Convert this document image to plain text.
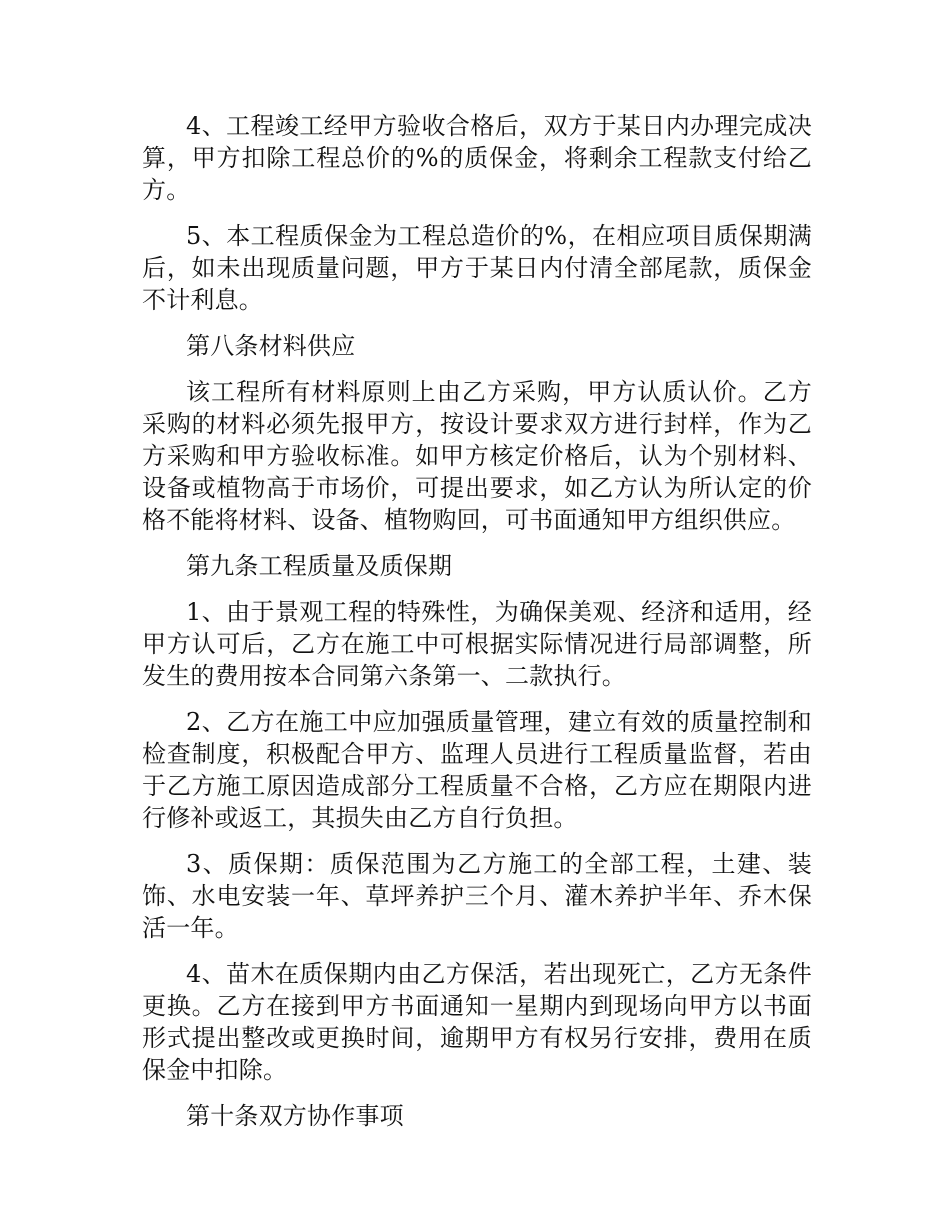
4、工程竣工经甲方验收合格后，双方于某日内办理完成决算，甲方扣除工程总价的%的质保金，将剩余工程款支付给乙方。

5、本工程质保金为工程总造价的%，在相应项目质保期满后，如未出现质量问题，甲方于某日内付清全部尾款，质保金不计利息。

第八条材料供应

该工程所有材料原则上由乙方采购，甲方认质认价。乙方采购的材料必须先报甲方，按设计要求双方进行封样，作为乙方采购和甲方验收标准。如甲方核定价格后，认为个别材料、设备或植物高于市场价，可提出要求，如乙方认为所认定的价格不能将材料、设备、植物购回，可书面通知甲方组织供应。

第九条工程质量及质保期

1、由于景观工程的特殊性，为确保美观、经济和适用，经甲方认可后，乙方在施工中可根据实际情况进行局部调整，所发生的费用按本合同第六条第一、二款执行。

2、乙方在施工中应加强质量管理，建立有效的质量控制和检查制度，积极配合甲方、监理人员进行工程质量监督，若由于乙方施工原因造成部分工程质量不合格，乙方应在期限内进行修补或返工，其损失由乙方自行负担。

3、质保期：质保范围为乙方施工的全部工程，土建、装饰、水电安装一年、草坪养护三个月、灌木养护半年、乔木保活一年。

4、苗木在质保期内由乙方保活，若出现死亡，乙方无条件更换。乙方在接到甲方书面通知一星期内到现场向甲方以书面形式提出整改或更换时间，逾期甲方有权另行安排，费用在质保金中扣除。

第十条双方协作事项
